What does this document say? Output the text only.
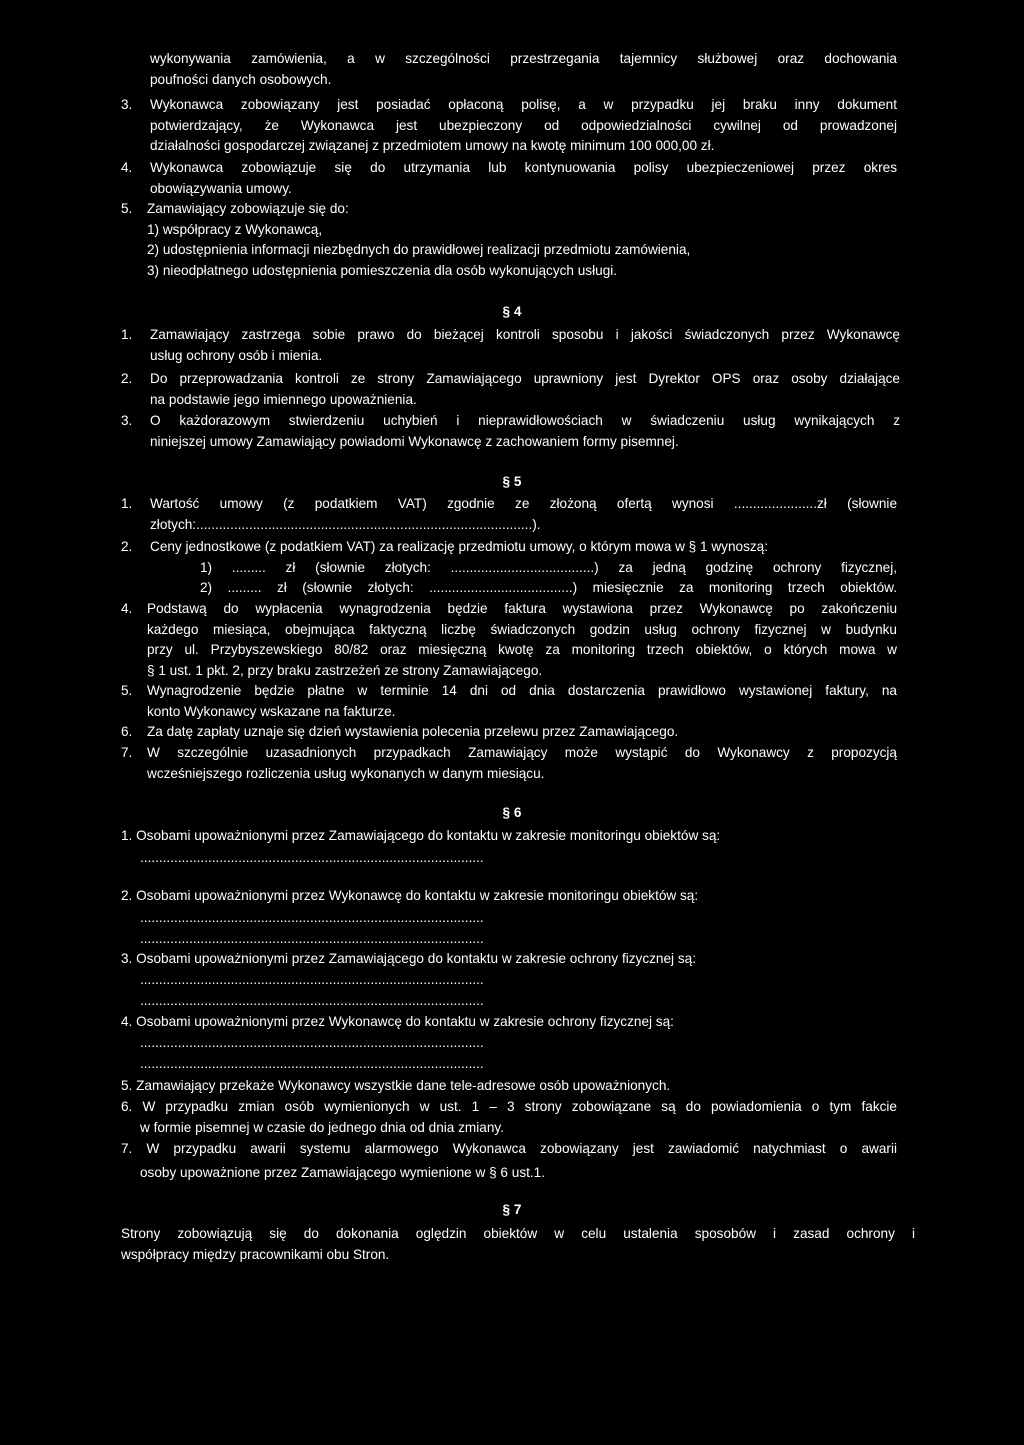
wykonywania zamówienia, a w szczególności przestrzegania tajemnicy służbowej oraz dochowania
poufności danych osobowych.
3. Wykonawca zobowiązany jest posiadać opłaconą polisę, a w przypadku jej braku inny dokument
potwierdzający, że Wykonawca jest ubezpieczony od odpowiedzialności cywilnej od prowadzonej
działalności gospodarczej związanej z przedmiotem umowy na kwotę minimum 100 000,00 zł.
4. Wykonawca zobowiązuje się do utrzymania lub kontynuowania polisy ubezpieczeniowej przez okres
obowiązywania umowy.
5. Zamawiający zobowiązuje się do:
1) współpracy z Wykonawcą,
2) udostępnienia informacji niezbędnych do prawidłowej realizacji przedmiotu zamówienia,
3) nieodpłatnego udostępnienia pomieszczenia dla osób wykonujących usługi.
§ 4
1. Zamawiający zastrzega sobie prawo do bieżącej kontroli sposobu i jakości świadczonych przez Wykonawcę
usług ochrony osób i mienia.
2. Do przeprowadzania kontroli ze strony Zamawiającego uprawniony jest Dyrektor OPS oraz osoby działające
na podstawie jego imiennego upoważnienia.
3. O każdorazowym stwierdzeniu uchybień i nieprawidłowościach w świadczeniu usług wynikających z
niniejszej umowy Zamawiający powiadomi Wykonawcę z zachowaniem formy pisemnej.
§ 5
1. Wartość umowy (z podatkiem VAT) zgodnie ze złożoną ofertą wynosi ......................zł (słownie
złotych:.........................................................................................).
2. Ceny jednostkowe (z podatkiem VAT) za realizację przedmiotu umowy, o którym mowa w § 1 wynoszą:
1) ......... zł (słownie złotych: ......................................) za jedną godzinę ochrony fizycznej,
2) ......... zł (słownie złotych: ......................................) miesięcznie za monitoring trzech obiektów.
4. Podstawą do wypłacenia wynagrodzenia będzie faktura wystawiona przez Wykonawcę po zakończeniu
każdego miesiąca, obejmująca faktyczną liczbę świadczonych godzin usług ochrony fizycznej w budynku
przy ul. Przybyszewskiego 80/82 oraz miesięczną kwotę za monitoring trzech obiektów, o których mowa w
§ 1 ust. 1 pkt. 2, przy braku zastrzeżeń ze strony Zamawiającego.
5. Wynagrodzenie będzie płatne w terminie 14 dni od dnia dostarczenia prawidłowo wystawionej faktury, na
konto Wykonawcy wskazane na fakturze.
6. Za datę zapłaty uznaje się dzień wystawienia polecenia przelewu przez Zamawiającego.
7. W szczególnie uzasadnionych przypadkach Zamawiający może wystąpić do Wykonawcy z propozycją
wcześniejszego rozliczenia usług wykonanych w danym miesiącu.
§ 6
1. Osobami upoważnionymi przez Zamawiającego do kontaktu w zakresie monitoringu obiektów są:
...........................................................................................
2. Osobami upoważnionymi przez Wykonawcę do kontaktu w zakresie monitoringu obiektów są:
...........................................................................................
...........................................................................................
3. Osobami upoważnionymi przez Zamawiającego do kontaktu w zakresie ochrony fizycznej są:
...........................................................................................
...........................................................................................
4. Osobami upoważnionymi przez Wykonawcę do kontaktu w zakresie ochrony fizycznej są:
...........................................................................................
...........................................................................................
5. Zamawiający przekaże Wykonawcy wszystkie dane tele-adresowe osób upoważnionych.
6. W przypadku zmian osób wymienionych w ust. 1 – 3 strony zobowiązane są do powiadomienia o tym fakcie
w formie pisemnej w czasie do jednego dnia od dnia zmiany.
7. W przypadku awarii systemu alarmowego Wykonawca zobowiązany jest zawiadomić natychmiast o awarii
osoby upoważnione przez Zamawiającego wymienione w § 6 ust.1.
§ 7
Strony zobowiązują się do dokonania oględzin obiektów w celu ustalenia sposobów i zasad ochrony i
współpracy między pracownikami obu Stron.
